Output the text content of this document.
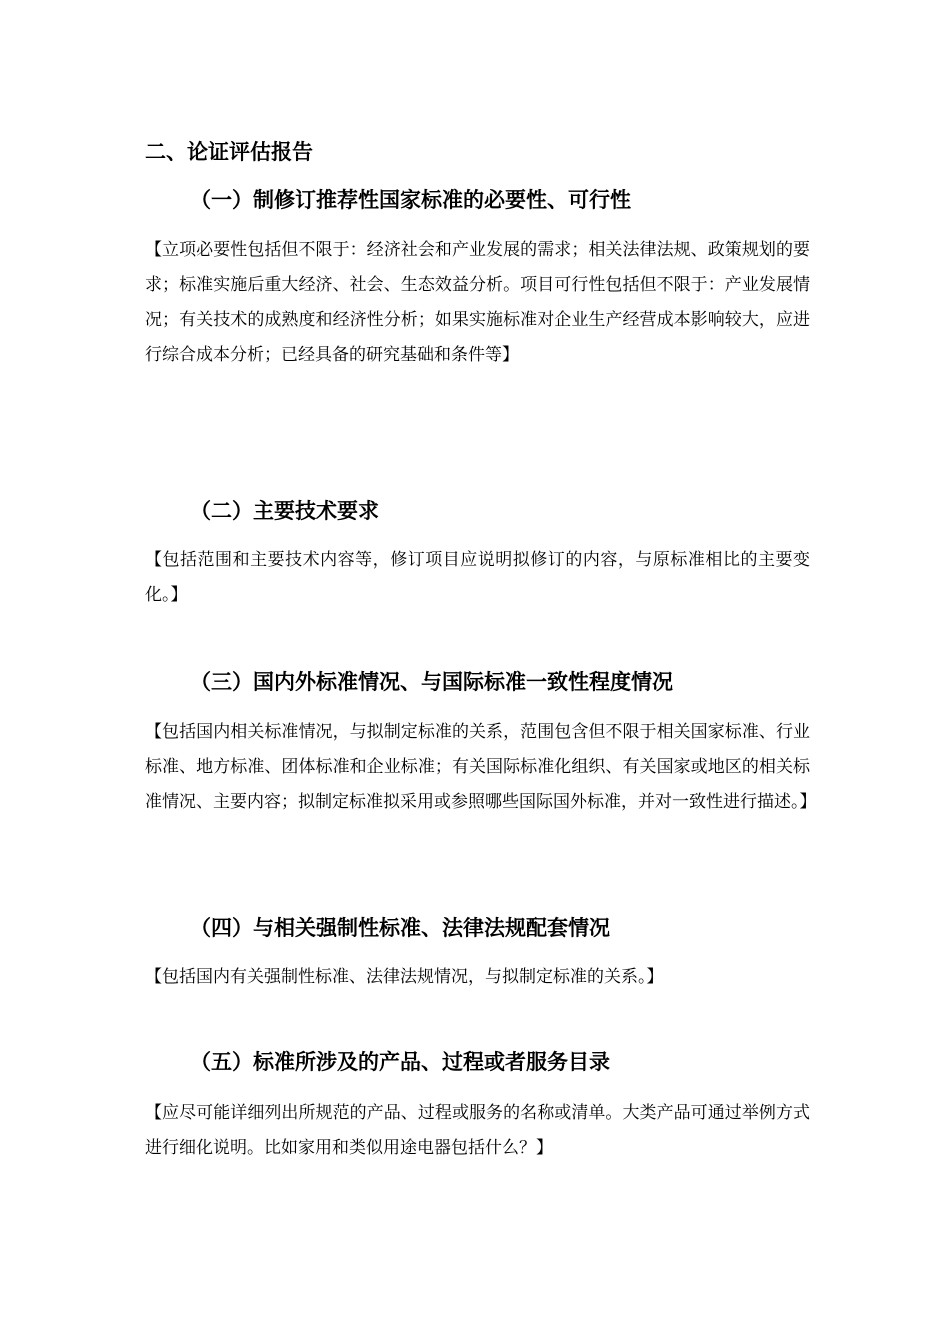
二、论证评估报告
（一）制修订推荐性国家标准的必要性、可行性

【立项必要性包括但不限于：经济社会和产业发展的需求；相关法律法规、政策规划的要求；标准实施后重大经济、社会、生态效益分析。项目可行性包括但不限于：产业发展情况；有关技术的成熟度和经济性分析；如果实施标准对企业生产经营成本影响较大，应进行综合成本分析；已经具备的研究基础和条件等】

（二）主要技术要求

【包括范围和主要技术内容等，修订项目应说明拟修订的内容，与原标准相比的主要变化。】

（三）国内外标准情况、与国际标准一致性程度情况

【包括国内相关标准情况，与拟制定标准的关系，范围包含但不限于相关国家标准、行业标准、地方标准、团体标准和企业标准；有关国际标准化组织、有关国家或地区的相关标准情况、主要内容；拟制定标准拟采用或参照哪些国际国外标准，并对一致性进行描述。】

（四）与相关强制性标准、法律法规配套情况

【包括国内有关强制性标准、法律法规情况，与拟制定标准的关系。】

（五）标准所涉及的产品、过程或者服务目录

【应尽可能详细列出所规范的产品、过程或服务的名称或清单。大类产品可通过举例方式进行细化说明。比如家用和类似用途电器包括什么？】
